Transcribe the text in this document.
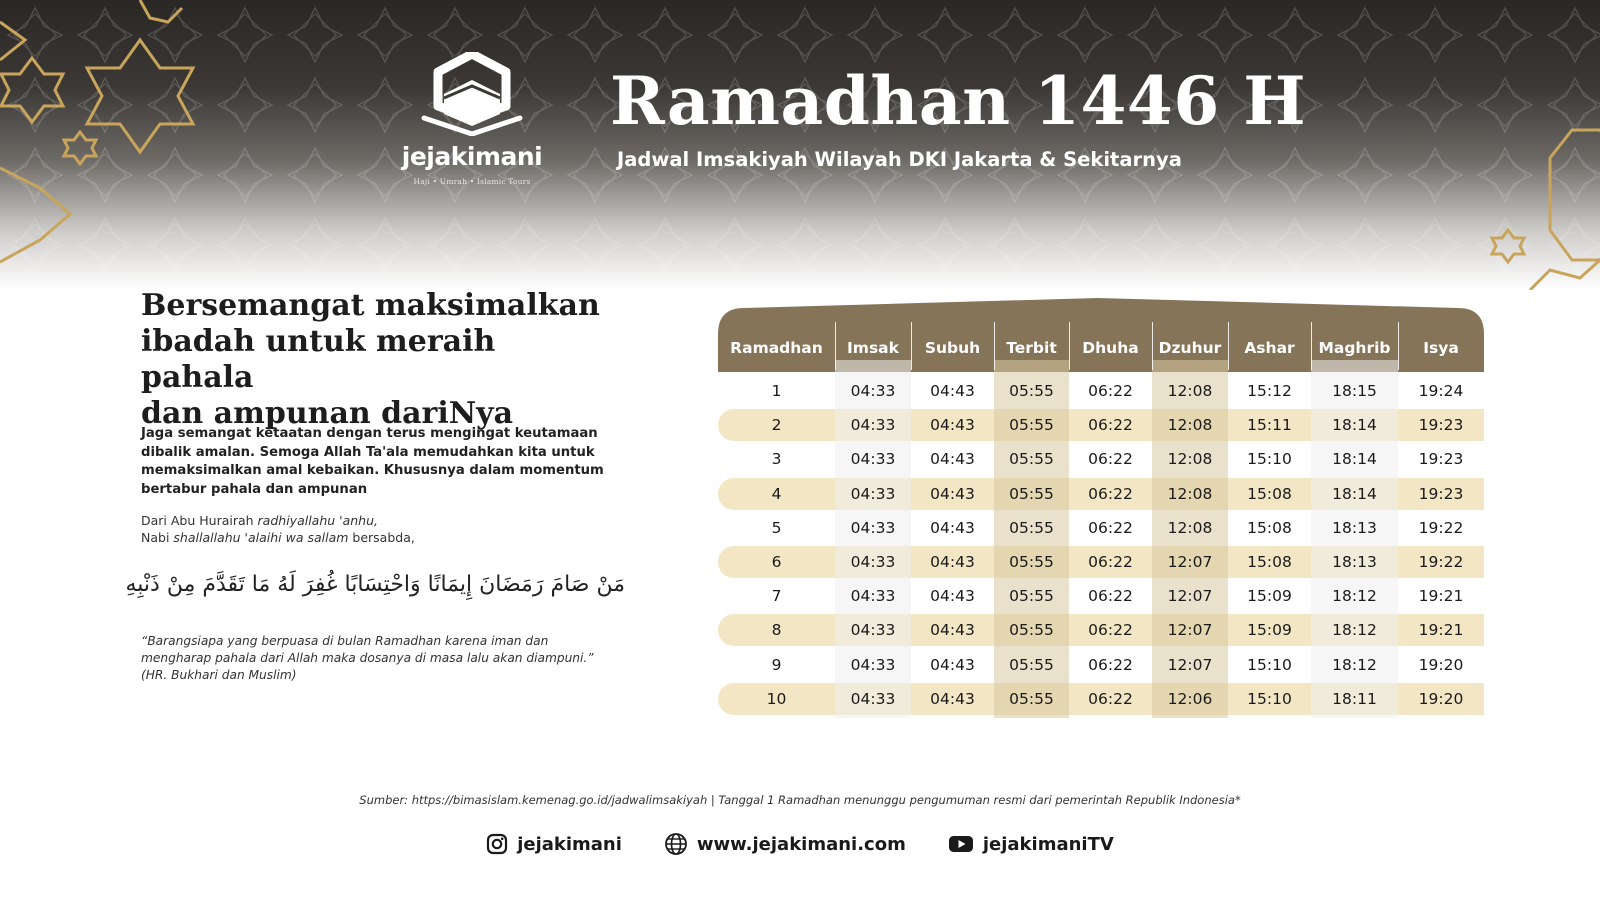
jejakimani
Haji • Umrah • Islamic Tours
Ramadhan 1446 H
Jadwal Imsakiyah Wilayah DKI Jakarta & Sekitarnya
Bersemangat maksimalkan
ibadah untuk meraih pahala
dan ampunan dariNya

Jaga semangat ketaatan dengan terus mengingat keutamaan dibalik amalan. Semoga Allah Ta'ala memudahkan kita untuk memaksimalkan amal kebaikan. Khususnya dalam momentum bertabur pahala dan ampunan

Dari Abu Hurairah radhiyallahu 'anhu,
Nabi shallallahu 'alaihi wa sallam bersabda,
مَنْ صَامَ رَمَضَانَ إِيمَانًا وَاحْتِسَابًا غُفِرَ لَهُ مَا تَقَدَّمَ مِنْ ذَنْبِهِ
“Barangsiapa yang berpuasa di bulan Ramadhan karena iman dan
mengharap pahala dari Allah maka dosanya di masa lalu akan diampuni.”
(HR. Bukhari dan Muslim)
Ramadhan	Imsak	Subuh	Terbit	Dhuha	Dzuhur	Ashar	Maghrib	Isya
1	04:33	04:43	05:55	06:22	12:08	15:12	18:15	19:24
2	04:33	04:43	05:55	06:22	12:08	15:11	18:14	19:23
3	04:33	04:43	05:55	06:22	12:08	15:10	18:14	19:23
4	04:33	04:43	05:55	06:22	12:08	15:08	18:14	19:23
5	04:33	04:43	05:55	06:22	12:08	15:08	18:13	19:22
6	04:33	04:43	05:55	06:22	12:07	15:08	18:13	19:22
7	04:33	04:43	05:55	06:22	12:07	15:09	18:12	19:21
8	04:33	04:43	05:55	06:22	12:07	15:09	18:12	19:21
9	04:33	04:43	05:55	06:22	12:07	15:10	18:12	19:20
10	04:33	04:43	05:55	06:22	12:06	15:10	18:11	19:20
Sumber: https://bimasislam.kemenag.go.id/jadwalimsakiyah | Tanggal 1 Ramadhan menunggu pengumuman resmi dari pemerintah Republik Indonesia*
jejakimani	www.jejakimani.com	jejakimaniTV
